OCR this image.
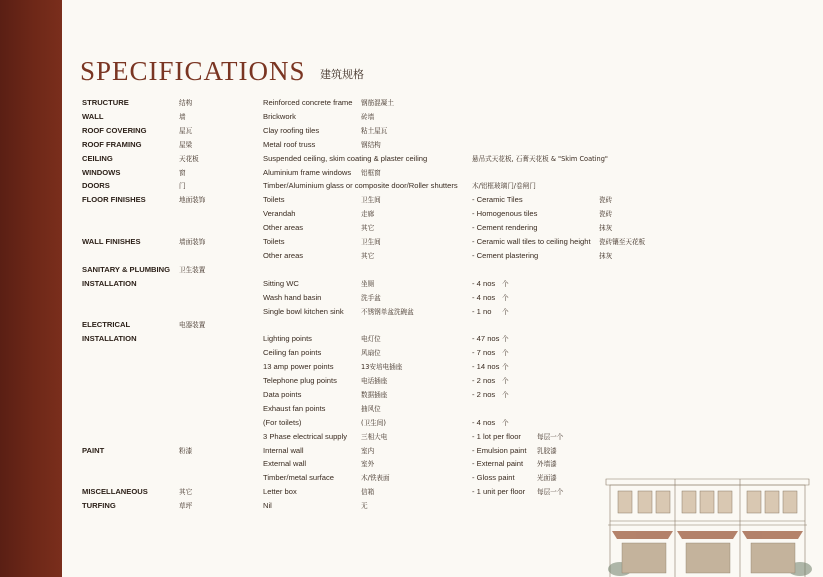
SPECIFICATIONS 建筑规格
STRUCTURE	结构	Reinforced concrete frame 钢筋混凝土
WALL	墙	Brickwork	砖墙
ROOF COVERING	屋瓦	Clay roofing tiles	粘土屋瓦
ROOF FRAMING	屋梁	Metal roof truss	钢结构
CEILING	天花板	Suspended ceiling, skim coating & plaster ceiling	悬吊式天花板, 石膏天花板 & "Skim Coating"
WINDOWS	窗	Aluminium frame windows 铝框窗
DOORS	门	Timber/Aluminium glass or composite door/Roller shutters 木/铝框玻璃门/卷闸门
FLOOR FINISHES	地面装饰	Toilets	卫生间	- Ceramic Tiles	瓷砖
Verandah	走廊	- Homogenous tiles	瓷砖
Other areas	其它	- Cement rendering	抹灰
WALL FINISHES	墙面装饰	Toilets	卫生间	- Ceramic wall tiles to ceiling height 瓷砖镶至天花板
Other areas	其它	- Cement plastering	抹灰
SANITARY & PLUMBING 卫生装置
INSTALLATION	Sitting WC	坐厕	- 4 nos 个
Wash hand basin	洗手盆	- 4 nos 个
Single bowl kitchen sink	不锈钢单盆洗碗盆	- 1 no 个
ELECTRICAL	电器装置
INSTALLATION	Lighting points	电灯位	- 47 nos 个
Ceiling fan points	风扇位	- 7 nos 个
13 amp power points	13安培电插座	- 14 nos 个
Telephone plug points	电话插座	- 2 nos 个
Data points	数据插座	- 2 nos 个
Exhaust fan points	抽风位
(For toilets)	(卫生间)	- 4 nos 个
3 Phase electrical supply 三相大电	- 1 lot per floor 每层一个
PAINT	粉漆	Internal wall	室内	- Emulsion paint 乳胶漆
External wall	室外	- External paint 外墙漆
Timber/metal surface	木/铁表面	- Gloss paint	光面漆
MISCELLANEOUS	其它	Letter box	信箱	- 1 unit per floor 每层一个
TURFING	草坪	Nil	无
